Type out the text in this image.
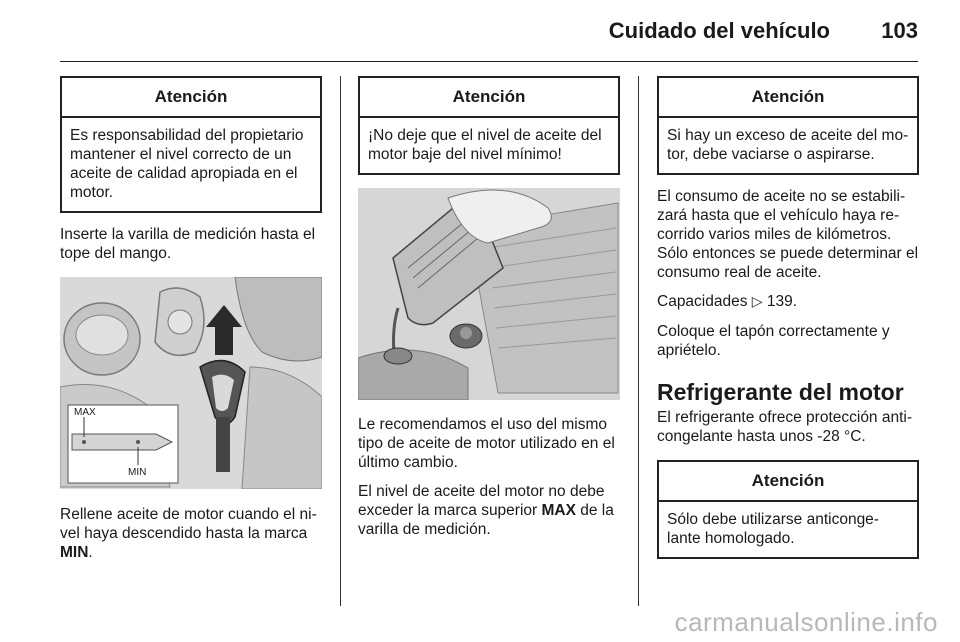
Cuidado del vehículo 103
Atención
Es responsabilidad del propietario mantener el nivel correcto de un aceite de calidad apropiada en el motor.

Inserte la varilla de medición hasta el tope del mango.

MAX
MIN

Rellene aceite de motor cuando el ni-vel haya descendido hasta la marca MIN.

Atención
¡No deje que el nivel de aceite del motor baje del nivel mínimo!

Le recomendamos el uso del mismo tipo de aceite de motor utilizado en el último cambio.

El nivel de aceite del motor no debe exceder la marca superior MAX de la varilla de medición.

Atención
Si hay un exceso de aceite del mo-tor, debe vaciarse o aspirarse.

El consumo de aceite no se estabili-zará hasta que el vehículo haya re-corrido varios miles de kilómetros. Sólo entonces se puede determinar el consumo real de aceite.

Capacidades ▷ 139.

Coloque el tapón correctamente y apriételo.

Refrigerante del motor

El refrigerante ofrece protección anti-congelante hasta unos -28 °C.

Atención
Sólo debe utilizarse anticonge-lante homologado.
carmanualsonline.info
